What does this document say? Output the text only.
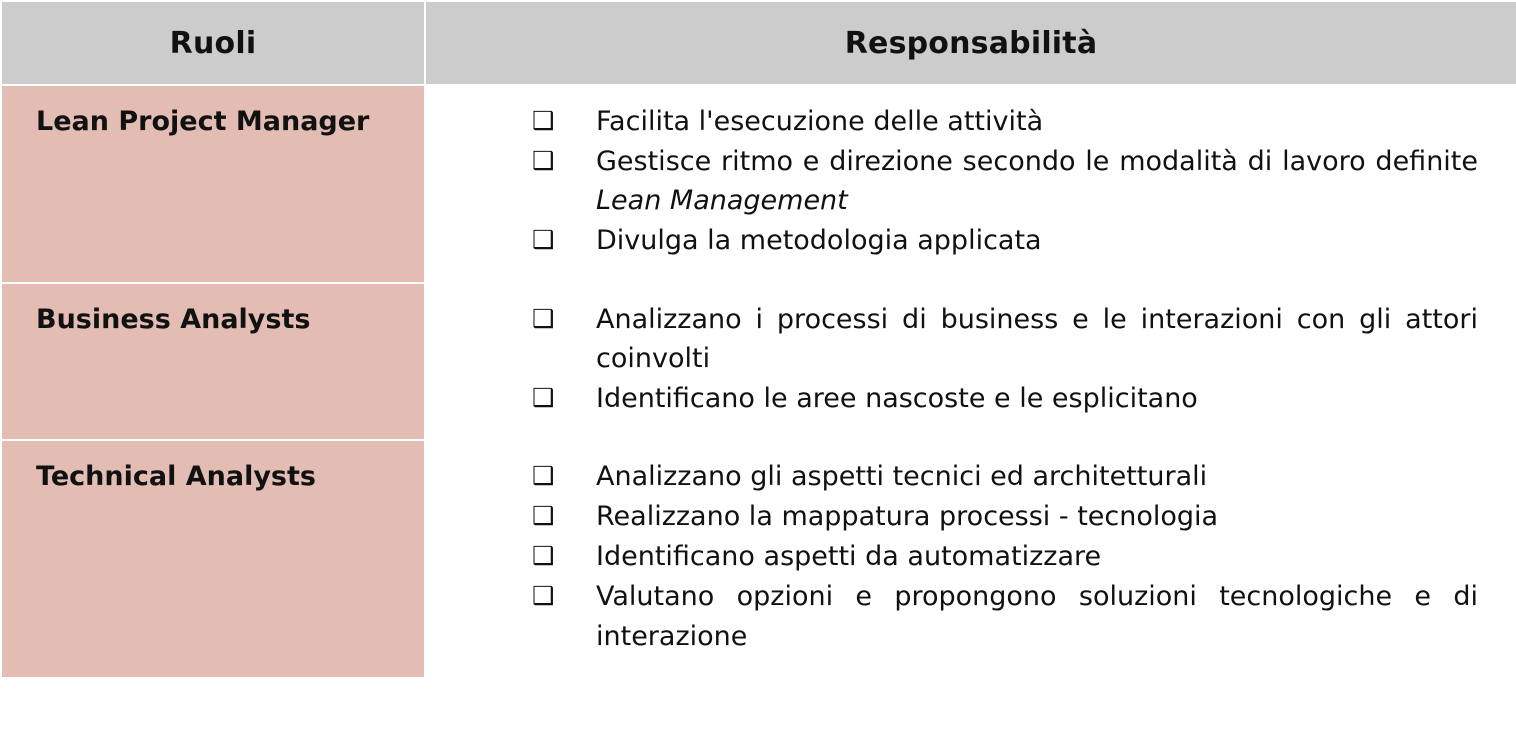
Ruoli	Responsabilità
Lean Project Manager	❑ Facilita l'esecuzione delle attività
❑ Gestisce ritmo e direzione secondo le modalità di lavoro definite Lean Management
❑ Divulga la metodologia applicata

Business Analysts	❑ Analizzano i processi di business e le interazioni con gli attori coinvolti
❑ Identificano le aree nascoste e le esplicitano

Technical Analysts	❑ Analizzano gli aspetti tecnici ed architetturali
❑ Realizzano la mappatura processi - tecnologia
❑ Identificano aspetti da automatizzare
❑ Valutano opzioni e propongono soluzioni tecnologiche e di interazione
